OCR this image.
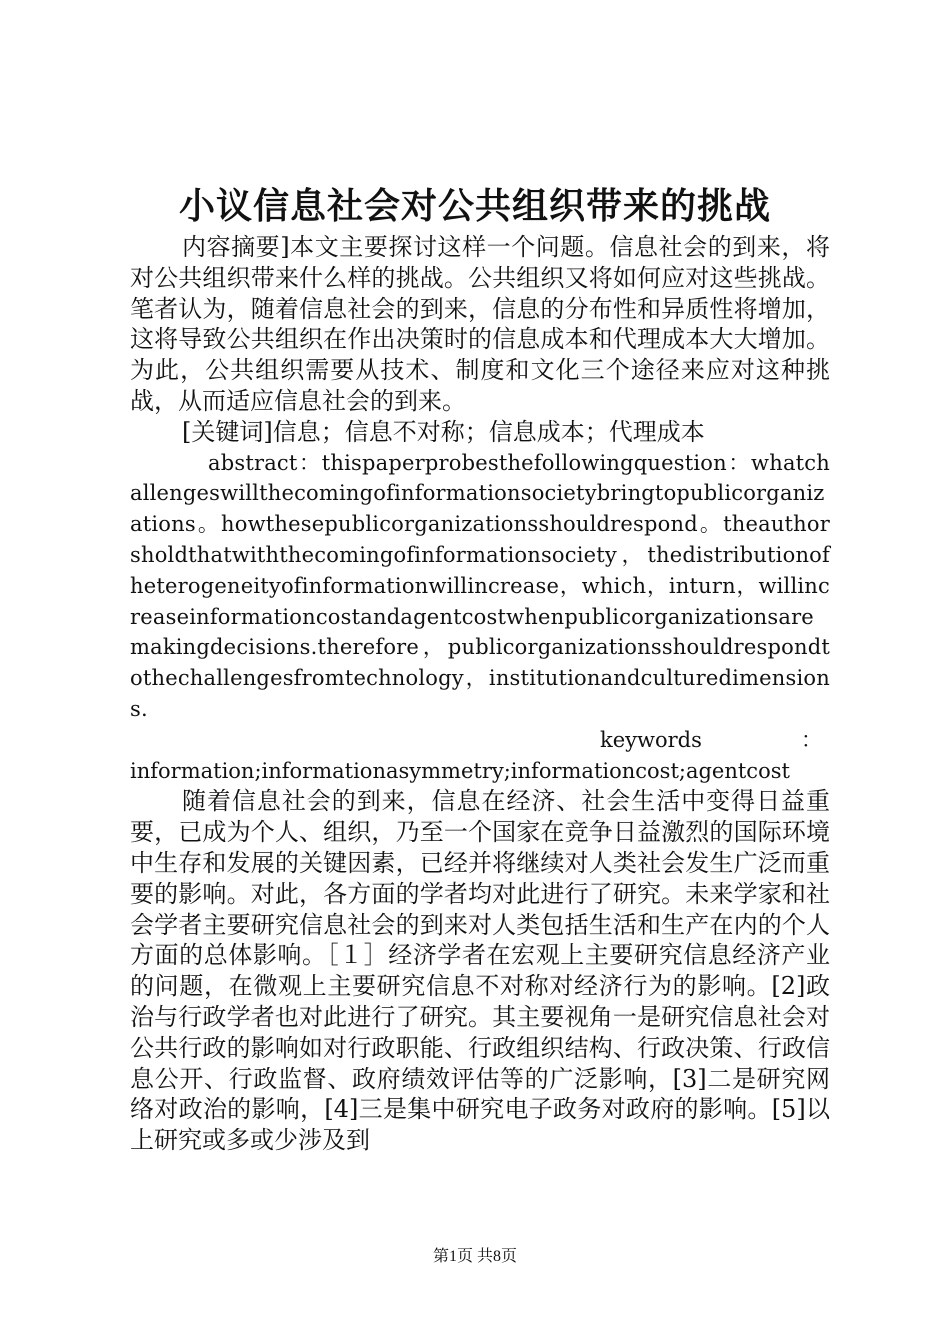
小议信息社会对公共组织带来的挑战

内容摘要]本文主要探讨这样一个问题。信息社会的到来，将对公共组织带来什么样的挑战。公共组织又将如何应对这些挑战。笔者认为，随着信息社会的到来，信息的分布性和异质性将增加，这将导致公共组织在作出决策时的信息成本和代理成本大大增加。为此，公共组织需要从技术、制度和文化三个途径来应对这种挑战，从而适应信息社会的到来。

[关键词]信息；信息不对称；信息成本；代理成本

abstract：thispaperprobesthefollowingquestion：whatchallengeswillthecomingofinformationsocietybringtopublicorganizations。howthesepublicorganizationsshouldrespond。theauthorsholdthatwiththecomingofinformationsociety，thedistributionofheterogeneityofinformationwillincrease，which，inturn，willincreaseinformationcostandagentcostwhenpublicorganizationsaremakingdecisions.therefore，publicorganizationsshouldrespondtothechallengesfromtechnology，institutionandculturedimensions.

：
keywords
information;informationasymmetry;informationcost;agentcost

随着信息社会的到来，信息在经济、社会生活中变得日益重要，已成为个人、组织，乃至一个国家在竞争日益激烈的国际环境中生存和发展的关键因素，已经并将继续对人类社会发生广泛而重要的影响。对此，各方面的学者均对此进行了研究。未来学家和社会学者主要研究信息社会的到来对人类包括生活和生产在内的个人方面的总体影响。［１］经济学者在宏观上主要研究信息经济产业的问题，在微观上主要研究信息不对称对经济行为的影响。[2]政治与行政学者也对此进行了研究。其主要视角一是研究信息社会对公共行政的影响如对行政职能、行政组织结构、行政决策、行政信息公开、行政监督、政府绩效评估等的广泛影响，[3]二是研究网络对政治的影响，[4]三是集中研究电子政务对政府的影响。[5]以上研究或多或少涉及到

第1页 共8页
